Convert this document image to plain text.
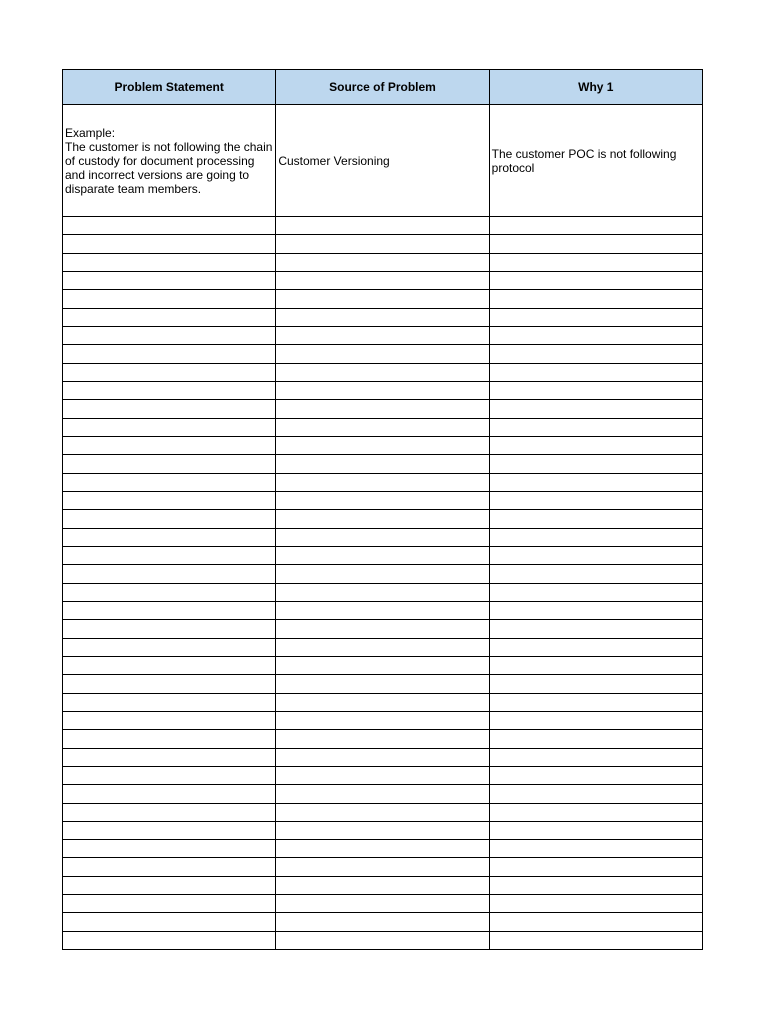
Problem Statement	Source of Problem	Why 1
Example:
The customer is not following the chain of custody for document processing and incorrect versions are going to disparate team members.	Customer Versioning	The customer POC is not following protocol
